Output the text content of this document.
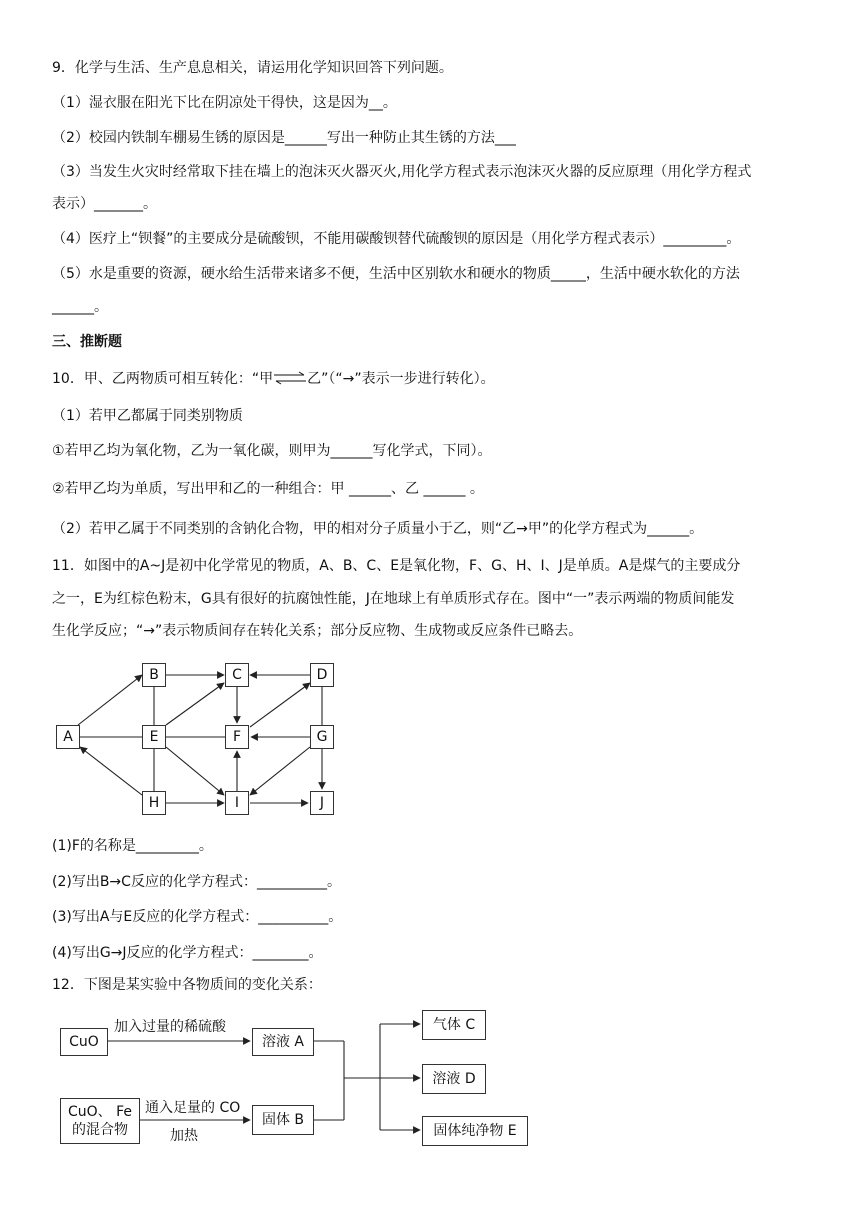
9．化学与生活、生产息息相关，请运用化学知识回答下列问题。
（1）湿衣服在阳光下比在阴凉处干得快，这是因为__。
（2）校园内铁制车棚易生锈的原因是______写出一种防止其生锈的方法___
（3）当发生火灾时经常取下挂在墙上的泡沫灭火器灭火,用化学方程式表示泡沫灭火器的反应原理（用化学方程式
表示）_______。
（4）医疗上“钡餐”的主要成分是硫酸钡，不能用碳酸钡替代硫酸钡的原因是（用化学方程式表示）_________。
（5）水是重要的资源，硬水给生活带来诸多不便，生活中区别软水和硬水的物质_____，生活中硬水软化的方法
______。
三、推断题
10．甲、乙两物质可相互转化：“甲⇌乙”（“→”表示一步进行转化）。
（1）若甲乙都属于同类别物质
①若甲乙均为氧化物，乙为一氧化碳，则甲为______写化学式，下同）。
②若甲乙均为单质，写出甲和乙的一种组合：甲 ______、乙 ______ 。
（2）若甲乙属于不同类别的含钠化合物，甲的相对分子质量小于乙，则“乙→甲”的化学方程式为______。
11．如图中的A~J是初中化学常见的物质，A、B、C、E是氧化物，F、G、H、I、J是单质。A是煤气的主要成分
之一，E为红棕色粉末，G具有很好的抗腐蚀性能，J在地球上有单质形式存在。图中“一”表示两端的物质间能发
生化学反应；“→”表示物质间存在转化关系；部分反应物、生成物或反应条件已略去。
A
B	C	D
E	F	G
H	I	J
(1)F的名称是_________。
(2)写出B→C反应的化学方程式：__________。
(3)写出A与E反应的化学方程式：__________。
(4)写出G→J反应的化学方程式：________。
12．下图是某实验中各物质间的变化关系：
CuO
加入过量的稀硫酸
溶液 A
CuO、 Fe
的混合物
通入足量的 CO
加热
固体 B
气体 C
溶液 D
固体纯净物 E
